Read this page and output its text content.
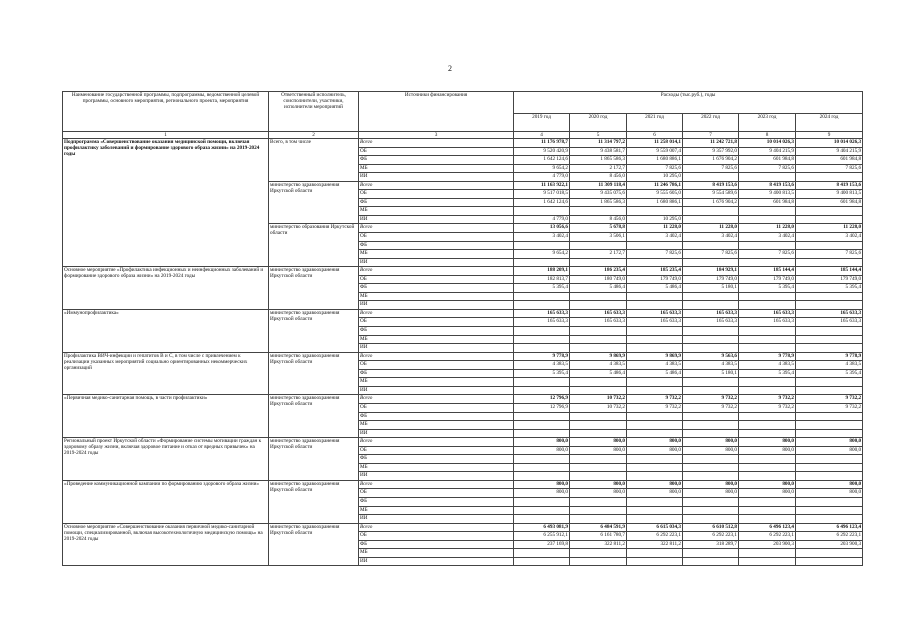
2
Наименование государственной программы, подпрограммы, ведомственной целевой программы, основного мероприятия, регионального проекта, мероприятия	Ответственный исполнитель, соисполнители, участники, исполнители мероприятий	Источники финансирования	Расходы (тыс.руб.), годы					
			2019 год	2020 год	2021 год	2022 год	2023 год	2024 год
1	2	3	4	5	6	7	8	9
Подпрограмма «Совершенствование оказания медицинской помощи, включая профилактику заболеваний и формирование здорового образа жизни» на 2019-2024 годы	Всего, в том числе	Всего	11 176 978,7	11 314 797,2	11 258 014,1	11 242 721,8	10 014 026,3	10 014 026,3
		ОБ	9 520 420,9	9 438 581,7	9 559 007,4	9 357 992,0	9 404 215,9	9 404 215,9
		ФБ	1 642 124,6	1 865 586,3	1 680 886,1	1 676 904,2	601 984,8	601 984,8
		МБ	9 654,2	2 172,7	7 825,6	7 825,6	7 825,6	7 825,6
		ИИ	4 779,0	8 456,0	10 295,0			
	министерство здравоохранения Иркутской области	Всего	11 163 922,1	11 309 118,4	11 246 786,1	8 419 153,6	8 419 153,6	8 419 153,6
		ОБ	9 517 018,5	9 435 075,6	9 555 605,0	9 554 589,6	9 400 813,5	9 400 813,5
		ФБ	1 642 124,6	1 865 586,3	1 680 886,1	1 676 904,2	601 984,8	601 984,8
		МБ						
		ИИ	4 779,0	8 456,0	10 295,0			
	министерство образования Иркутской области	Всего	13 056,6	5 678,8	11 228,0	11 228,0	11 228,0	11 228,0
		ОБ	3 402,4	3 506,1	3 402,4	3 402,4	3 402,4	3 402,4
		ФБ						
		МБ	9 654,2	2 172,7	7 825,6	7 825,6	7 825,6	7 825,6
		ИИ						
Основное мероприятие «Профилактика инфекционных и неинфекционных заболеваний и формирование здорового образа жизни» на 2019-2024 годы	министерство здравоохранения Иркутской области	Всего	188 209,1	186 235,4	185 235,4	184 929,1	185 144,4	185 144,4
		ОБ	182 813,7	180 749,0	179 749,0	179 749,0	179 749,0	179 749,0
		ФБ	5 395,4	5 486,4	5 486,4	5 180,1	5 395,4	5 395,4
		МБ						
		ИИ						
«Иммунопрофилактика»	министерство здравоохранения Иркутской области	Всего	165 633,3	165 633,3	165 633,3	165 633,3	165 633,3	165 633,3
		ОБ	165 633,3	165 633,3	165 633,3	165 633,3	165 633,3	165 633,3
		ФБ						
		МБ						
		ИИ						
Профилактика ВИЧ-инфекции и гепатитов В и С, в том числе с привлечением к реализации указанных мероприятий социально ориентированных некоммерческих организаций	министерство здравоохранения Иркутской области	Всего	9 778,9	9 869,9	9 869,9	9 563,6	9 778,9	9 778,9
		ОБ	4 383,5	4 383,5	4 383,5	4 383,5	4 383,5	4 383,5
		ФБ	5 395,4	5 486,4	5 486,4	5 180,1	5 395,4	5 395,4
		МБ						
		ИИ						
«Первичная медико-санитарная помощь, в части профилактики»	министерство здравоохранения Иркутской области	Всего	12 796,9	10 732,2	9 732,2	9 732,2	9 732,2	9 732,2
		ОБ	12 796,9	10 732,2	9 732,2	9 732,2	9 732,2	9 732,2
		ФБ						
		МБ						
		ИИ						
Региональный проект Иркутской области «Формирование системы мотивации граждан к здоровому образу жизни, включая здоровое питание и отказ от вредных привычек» на 2019-2024 годы	министерство здравоохранения Иркутской области	Всего	800,0	800,0	800,0	800,0	800,0	800,0
		ОБ	800,0	800,0	800,0	800,0	800,0	800,0
		ФБ						
		МБ						
		ИИ						
«Проведение коммуникационной кампании по формированию здорового образа жизни»	министерство здравоохранения Иркутской области	Всего	800,0	800,0	800,0	800,0	800,0	800,0
		ОБ	800,0	800,0	800,0	800,0	800,0	800,0
		ФБ						
		МБ						
		ИИ						
Основное мероприятие «Совершенствование оказания первичной медико-санитарной помощи, специализированной, включая высокотехнологичную медицинскую помощь» на 2019-2024 годы	министерство здравоохранения Иркутской области	Всего	6 493 081,9	6 484 591,9	6 615 034,3	6 610 512,8	6 496 123,4	6 496 123,4
		ОБ	6 255 912,1	6 161 780,7	6 292 223,1	6 292 223,1	6 292 223,1	6 292 223,1
		ФБ	237 169,8	322 811,2	322 811,2	318 289,7	203 900,3	203 900,3
		МБ						
		ИИ						
